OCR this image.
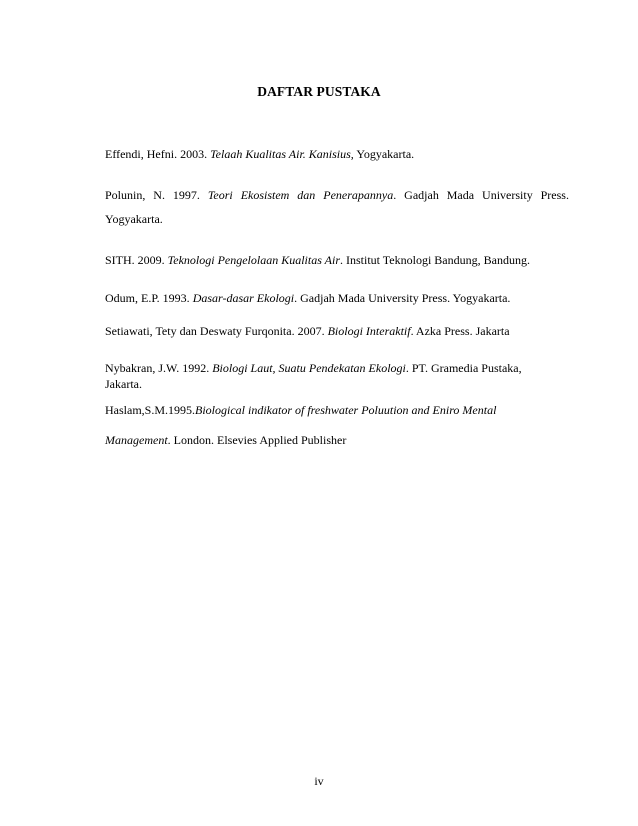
DAFTAR PUSTAKA
Effendi, Hefni. 2003. Telaah Kualitas Air. Kanisius, Yogyakarta.
Polunin, N. 1997. Teori Ekosistem dan Penerapannya. Gadjah Mada University Press.
Yogyakarta.
SITH. 2009. Teknologi Pengelolaan Kualitas Air. Institut Teknologi Bandung, Bandung.
Odum, E.P. 1993. Dasar-dasar Ekologi. Gadjah Mada University Press. Yogyakarta.
Setiawati, Tety dan Deswaty Furqonita. 2007. Biologi Interaktif. Azka Press. Jakarta
Nybakran, J.W. 1992. Biologi Laut, Suatu Pendekatan Ekologi. PT. Gramedia Pustaka,
Jakarta.
Haslam,S.M.1995.Biological indikator of freshwater Poluution and Eniro Mental
Management. London. Elsevies Applied Publisher
iv
